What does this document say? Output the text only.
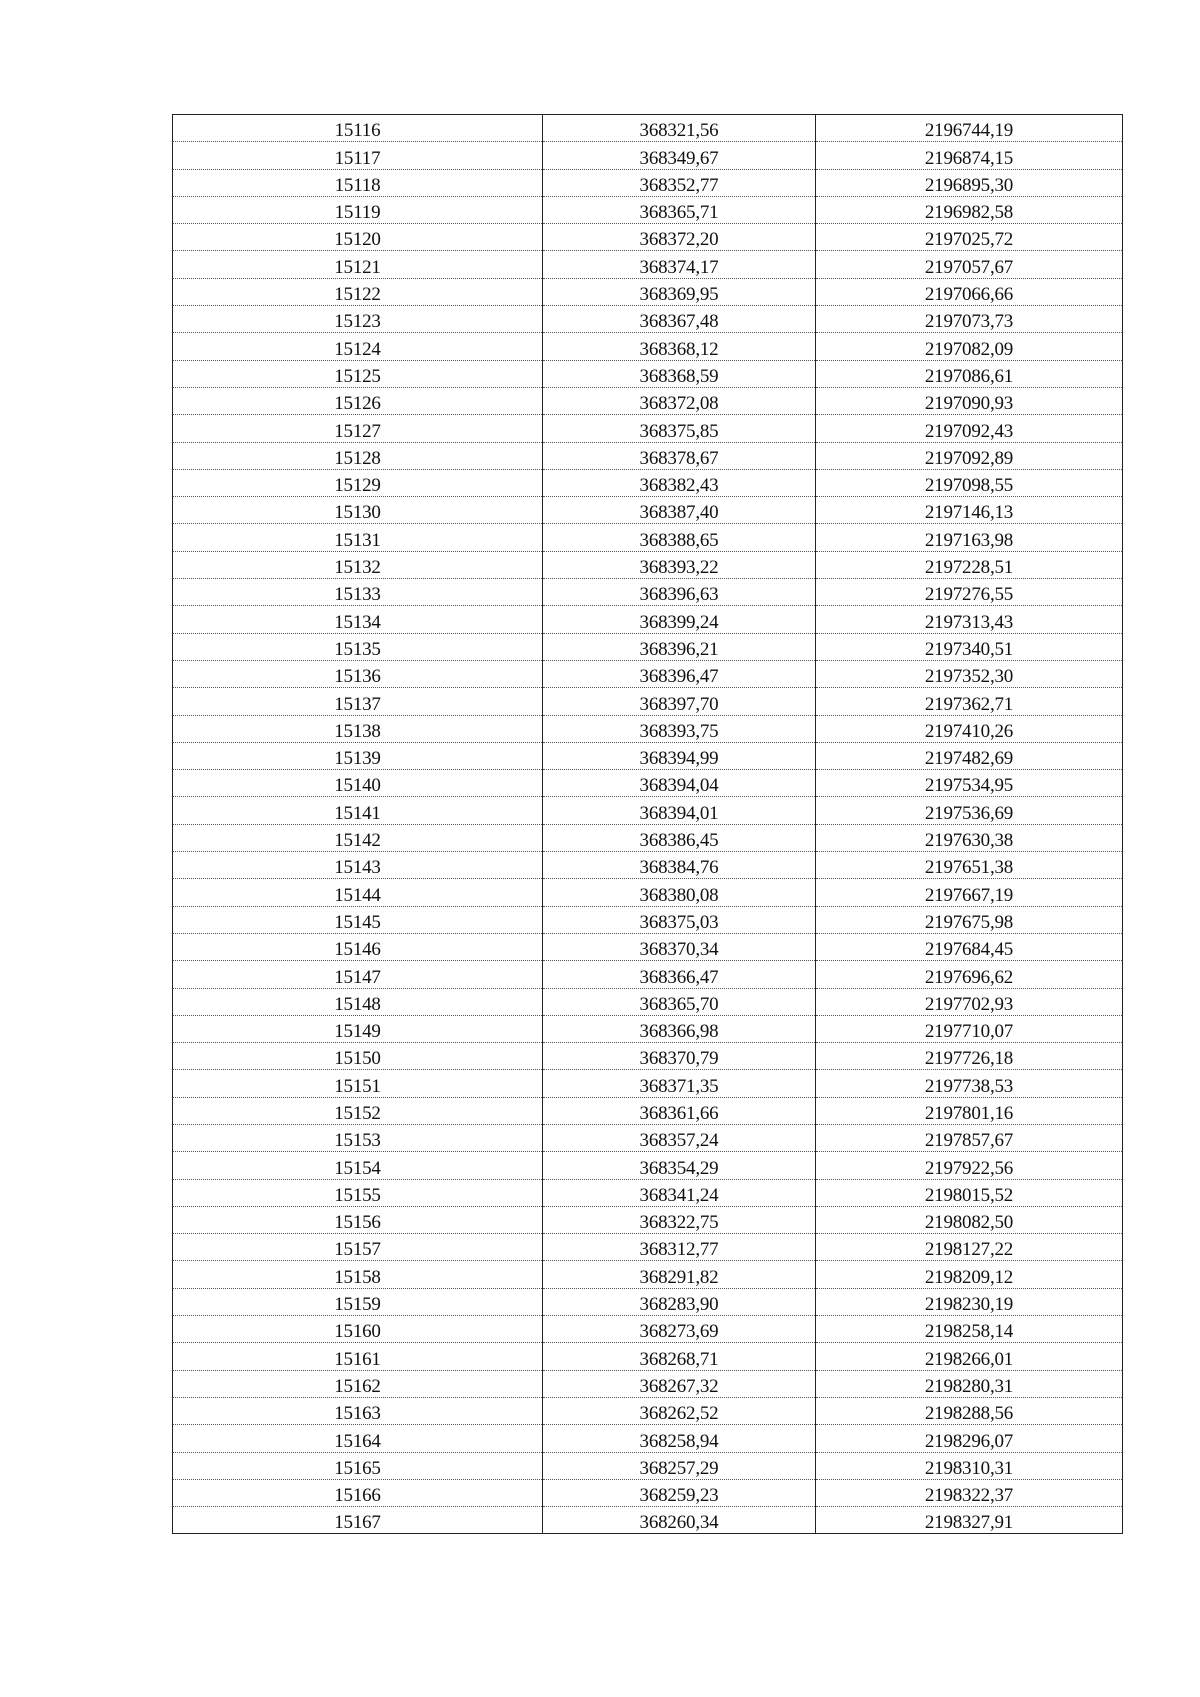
15116	368321,56	2196744,19
15117	368349,67	2196874,15
15118	368352,77	2196895,30
15119	368365,71	2196982,58
15120	368372,20	2197025,72
15121	368374,17	2197057,67
15122	368369,95	2197066,66
15123	368367,48	2197073,73
15124	368368,12	2197082,09
15125	368368,59	2197086,61
15126	368372,08	2197090,93
15127	368375,85	2197092,43
15128	368378,67	2197092,89
15129	368382,43	2197098,55
15130	368387,40	2197146,13
15131	368388,65	2197163,98
15132	368393,22	2197228,51
15133	368396,63	2197276,55
15134	368399,24	2197313,43
15135	368396,21	2197340,51
15136	368396,47	2197352,30
15137	368397,70	2197362,71
15138	368393,75	2197410,26
15139	368394,99	2197482,69
15140	368394,04	2197534,95
15141	368394,01	2197536,69
15142	368386,45	2197630,38
15143	368384,76	2197651,38
15144	368380,08	2197667,19
15145	368375,03	2197675,98
15146	368370,34	2197684,45
15147	368366,47	2197696,62
15148	368365,70	2197702,93
15149	368366,98	2197710,07
15150	368370,79	2197726,18
15151	368371,35	2197738,53
15152	368361,66	2197801,16
15153	368357,24	2197857,67
15154	368354,29	2197922,56
15155	368341,24	2198015,52
15156	368322,75	2198082,50
15157	368312,77	2198127,22
15158	368291,82	2198209,12
15159	368283,90	2198230,19
15160	368273,69	2198258,14
15161	368268,71	2198266,01
15162	368267,32	2198280,31
15163	368262,52	2198288,56
15164	368258,94	2198296,07
15165	368257,29	2198310,31
15166	368259,23	2198322,37
15167	368260,34	2198327,91
